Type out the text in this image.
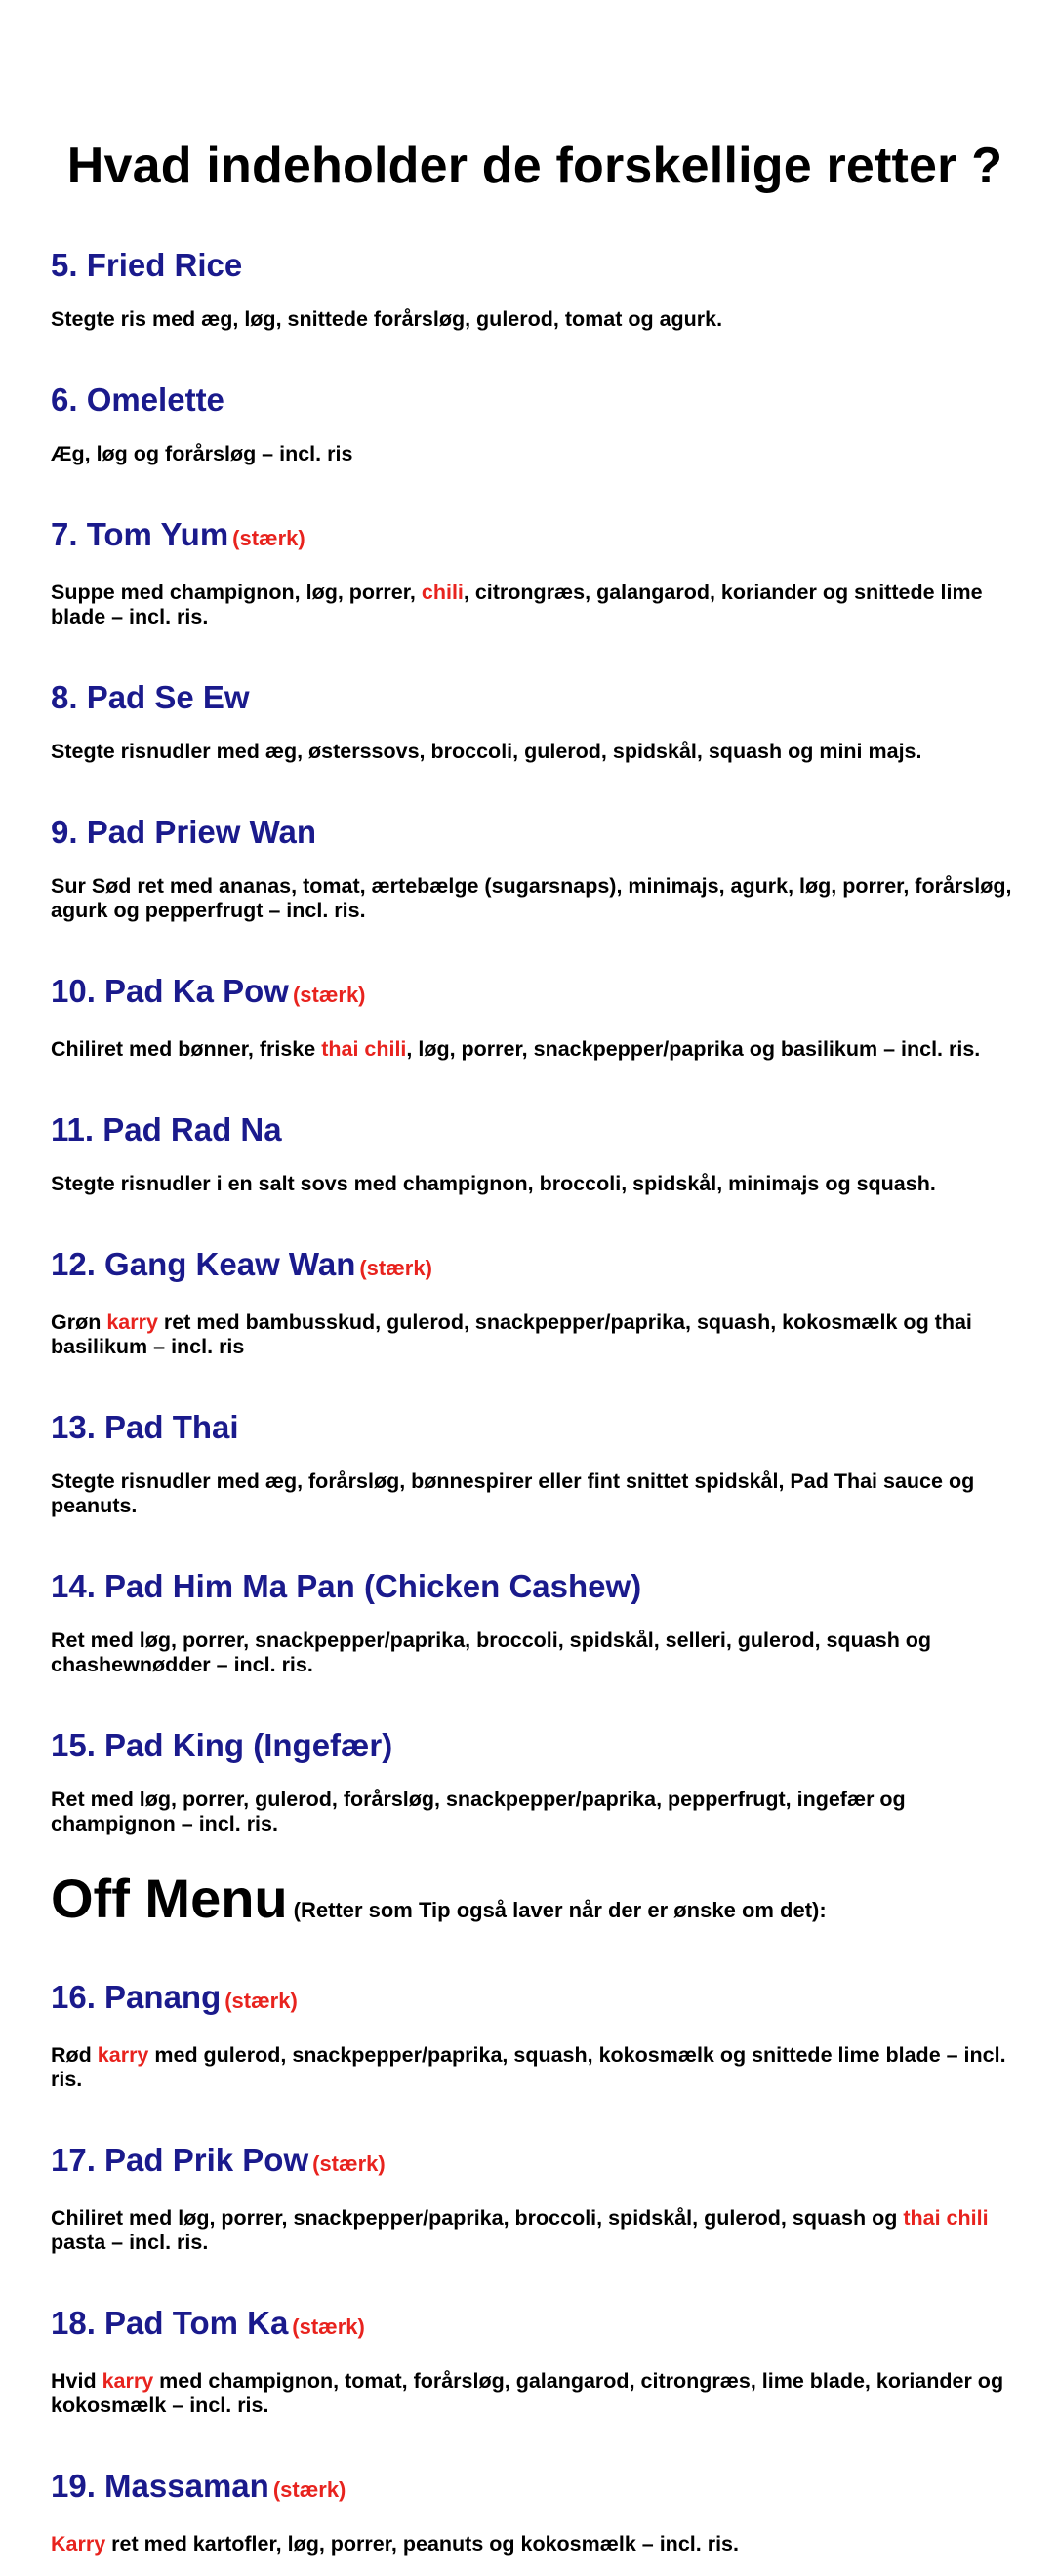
Hvad indeholder de forskellige retter ?
5. Fried Rice

Stegte ris med æg, løg, snittede forårsløg, gulerod, tomat og agurk.

6. Omelette

Æg, løg og forårsløg – incl. ris

7. Tom Yum (stærk)

Suppe med champignon, løg, porrer, chili, citrongræs, galangarod, koriander og snittede lime blade – incl. ris.

8. Pad Se Ew

Stegte risnudler med æg, østerssovs, broccoli, gulerod, spidskål, squash og mini majs.

9. Pad Priew Wan

Sur Sød ret med ananas, tomat, ærtebælge (sugarsnaps), minimajs, agurk, løg, porrer, forårsløg, agurk og pepperfrugt – incl. ris.

10. Pad Ka Pow (stærk)

Chiliret med bønner, friske thai chili, løg, porrer, snackpepper/paprika og basilikum – incl. ris.

11. Pad Rad Na

Stegte risnudler i en salt sovs med champignon, broccoli, spidskål, minimajs og squash.

12. Gang Keaw Wan (stærk)

Grøn karry ret med bambusskud, gulerod, snackpepper/paprika, squash, kokosmælk og thai basilikum – incl. ris

13. Pad Thai

Stegte risnudler med æg, forårsløg, bønnespirer eller fint snittet spidskål, Pad Thai sauce og peanuts.

14. Pad Him Ma Pan (Chicken Cashew)

Ret med løg, porrer, snackpepper/paprika, broccoli, spidskål, selleri, gulerod, squash og chashewnødder – incl. ris.

15. Pad King (Ingefær)

Ret med løg, porrer, gulerod, forårsløg, snackpepper/paprika, pepperfrugt, ingefær og champignon – incl. ris.

Off Menu (Retter som Tip også laver når der er ønske om det):
16. Panang (stærk)

Rød karry med gulerod, snackpepper/paprika, squash, kokosmælk og snittede lime blade – incl. ris.

17. Pad Prik Pow (stærk)

Chiliret med løg, porrer, snackpepper/paprika, broccoli, spidskål, gulerod, squash og thai chili pasta – incl. ris.

18. Pad Tom Ka (stærk)

Hvid karry med champignon, tomat, forårsløg, galangarod, citrongræs, lime blade, koriander og kokosmælk – incl. ris.

19. Massaman (stærk)

Karry ret med kartofler, løg, porrer, peanuts og kokosmælk – incl. ris.
